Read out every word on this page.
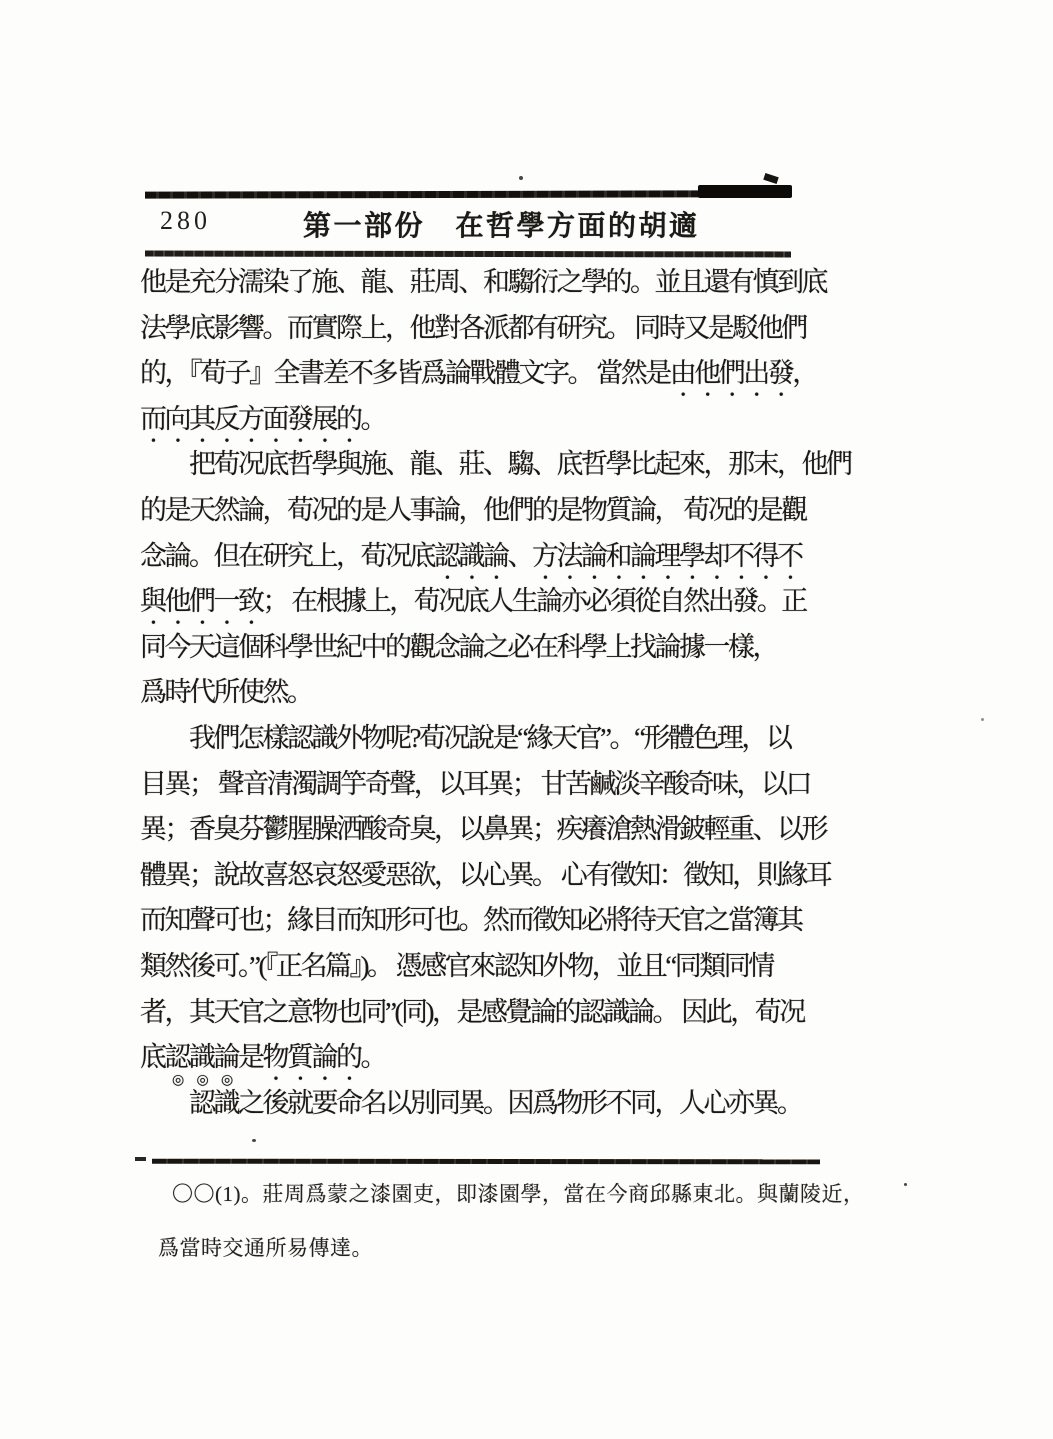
280	第一部份　在哲學方面的胡適
他是充分濡染了施、龍、莊周、和騶衍之學的。並且還有慎到底
法學底影響。而實際上，他對各派都有研究。 同時又是駁他們
的，『荀子』全書差不多皆爲論戰體文字。 當然是由他們出發，
而向其反方面發展的。
把荀况底哲學與施、龍、莊、騶、底哲學比起來，那末，他們
的是天然論，荀况的是人事論，他們的是物質論， 荀况的是觀
念論。但在研究上，荀况底認識論、方法論和論理學却不得不
與他們一致； 在根據上，荀况底人生論亦必須從自然出發。正
同今天這個科學世紀中的觀念論之必在科學上找論據一樣，
爲時代所使然。
我們怎樣認識外物呢?荀况說是“緣天官”。“形體色理，以
目異； 聲音清濁調竽奇聲，以耳異； 甘苦鹹淡辛酸奇味，以口
異；香臭芬鬱腥臊洒酸奇臭，以鼻異；疾癢滄熱滑鈹輕重、以形
體異；說故喜怒哀怒愛惡欲，以心異。 心有徵知：徵知，則緣耳
而知聲可也；緣目而知形可也。然而徵知必將待天官之當簿其
類然後可。”(『正名篇』)。 憑感官來認知外物，並且“同類同情
者，其天官之意物也同”(同)，是感覺論的認識論。 因此，荀况
底認識論是物質論的。
認識之後就要命名以別同異。因爲物形不同，人心亦異。
〇〇(1)。莊周爲蒙之漆園吏，即漆園學，當在今商邱縣東北。與蘭陵近，
爲當時交通所易傳達。
